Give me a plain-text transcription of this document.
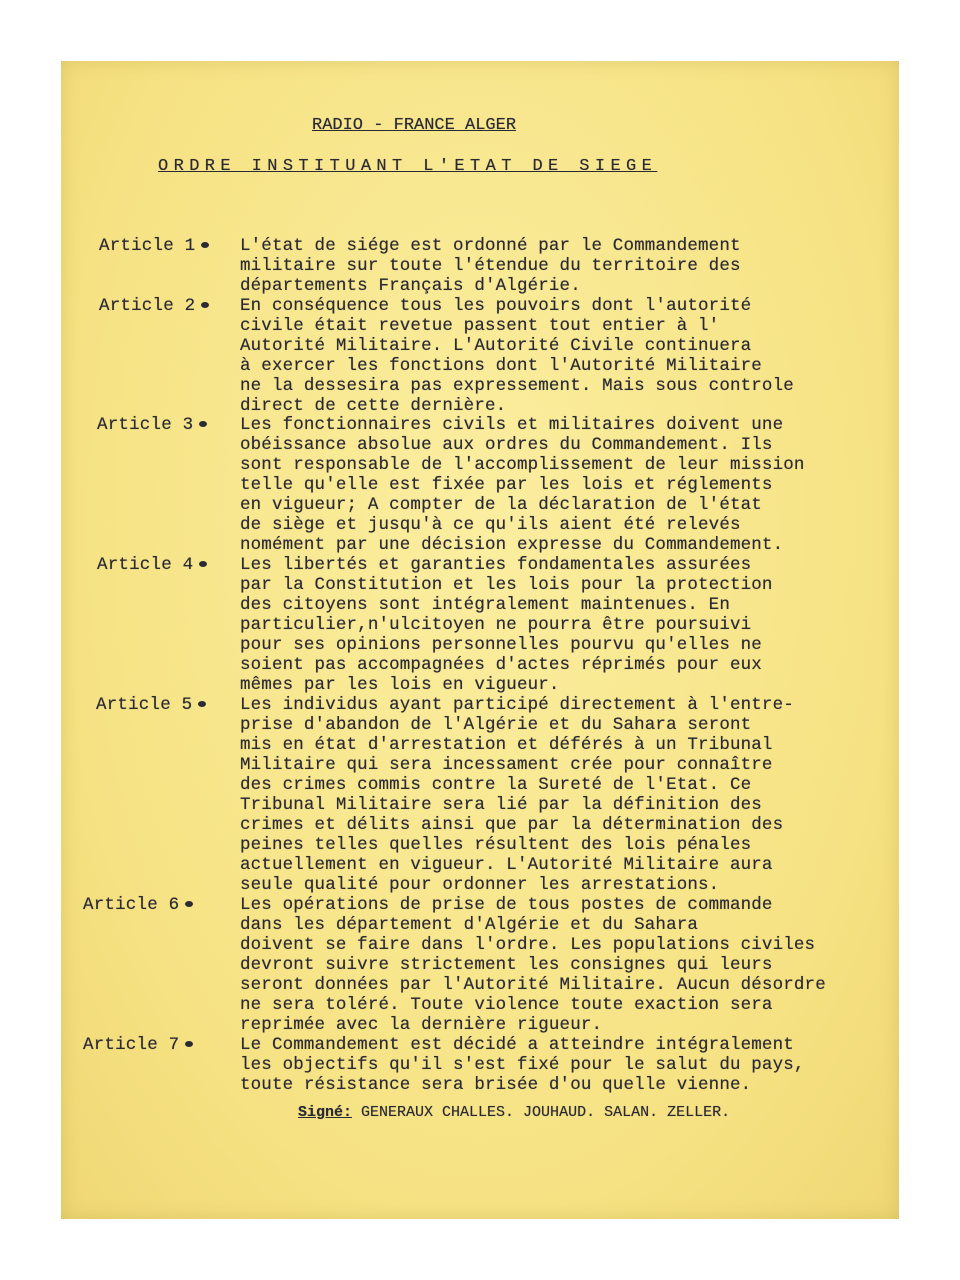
RADIO - FRANCE ALGER
ORDRE INSTITUANT L'ETAT DE SIEGE
Article 1	L'état de siége est ordonné par le Commandement
militaire sur toute l'étendue du territoire des
départements Français d'Algérie.
Article 2	En conséquence tous les pouvoirs dont l'autorité
civile était revetue passent tout entier à l'
Autorité Militaire. L'Autorité Civile continuera
à exercer les fonctions dont l'Autorité Militaire
ne la dessesira pas expressement. Mais sous controle
direct de cette dernière.
Article 3	Les fonctionnaires civils et militaires doivent une
obéissance absolue aux ordres du Commandement. Ils
sont responsable de l'accomplissement de leur mission
telle qu'elle est fixée par les lois et réglements
en vigueur; A compter de la déclaration de l'état
de siège et jusqu'à ce qu'ils aient été relevés
nomément par une décision expresse du Commandement.
Article 4	Les libertés et garanties fondamentales assurées
par la Constitution et les lois pour la protection
des citoyens sont intégralement maintenues. En
particulier,n'ulcitoyen ne pourra être poursuivi
pour ses opinions personnelles pourvu qu'elles ne
soient pas accompagnées d'actes réprimés pour eux
mêmes par les lois en vigueur.
Article 5	Les individus ayant participé directement à l'entre-
prise d'abandon de l'Algérie et du Sahara seront
mis en état d'arrestation et déférés à un Tribunal
Militaire qui sera incessament crée pour connaître
des crimes commis contre la Sureté de l'Etat. Ce
Tribunal Militaire sera lié par la définition des
crimes et délits ainsi que par la détermination des
peines telles quelles résultent des lois pénales
actuellement en vigueur. L'Autorité Militaire aura
seule qualité pour ordonner les arrestations.
Article 6	Les opérations de prise de tous postes de commande
dans les département d'Algérie et du Sahara
doivent se faire dans l'ordre. Les populations civiles
devront suivre strictement les consignes qui leurs
seront données par l'Autorité Militaire. Aucun désordre
ne sera toléré. Toute violence toute exaction sera
reprimée avec la dernière rigueur.
Article 7	Le Commandement est décidé a atteindre intégralement
les objectifs qu'il s'est fixé pour le salut du pays,
toute résistance sera brisée d'ou quelle vienne.
Signé: GENERAUX CHALLES. JOUHAUD. SALAN. ZELLER.
